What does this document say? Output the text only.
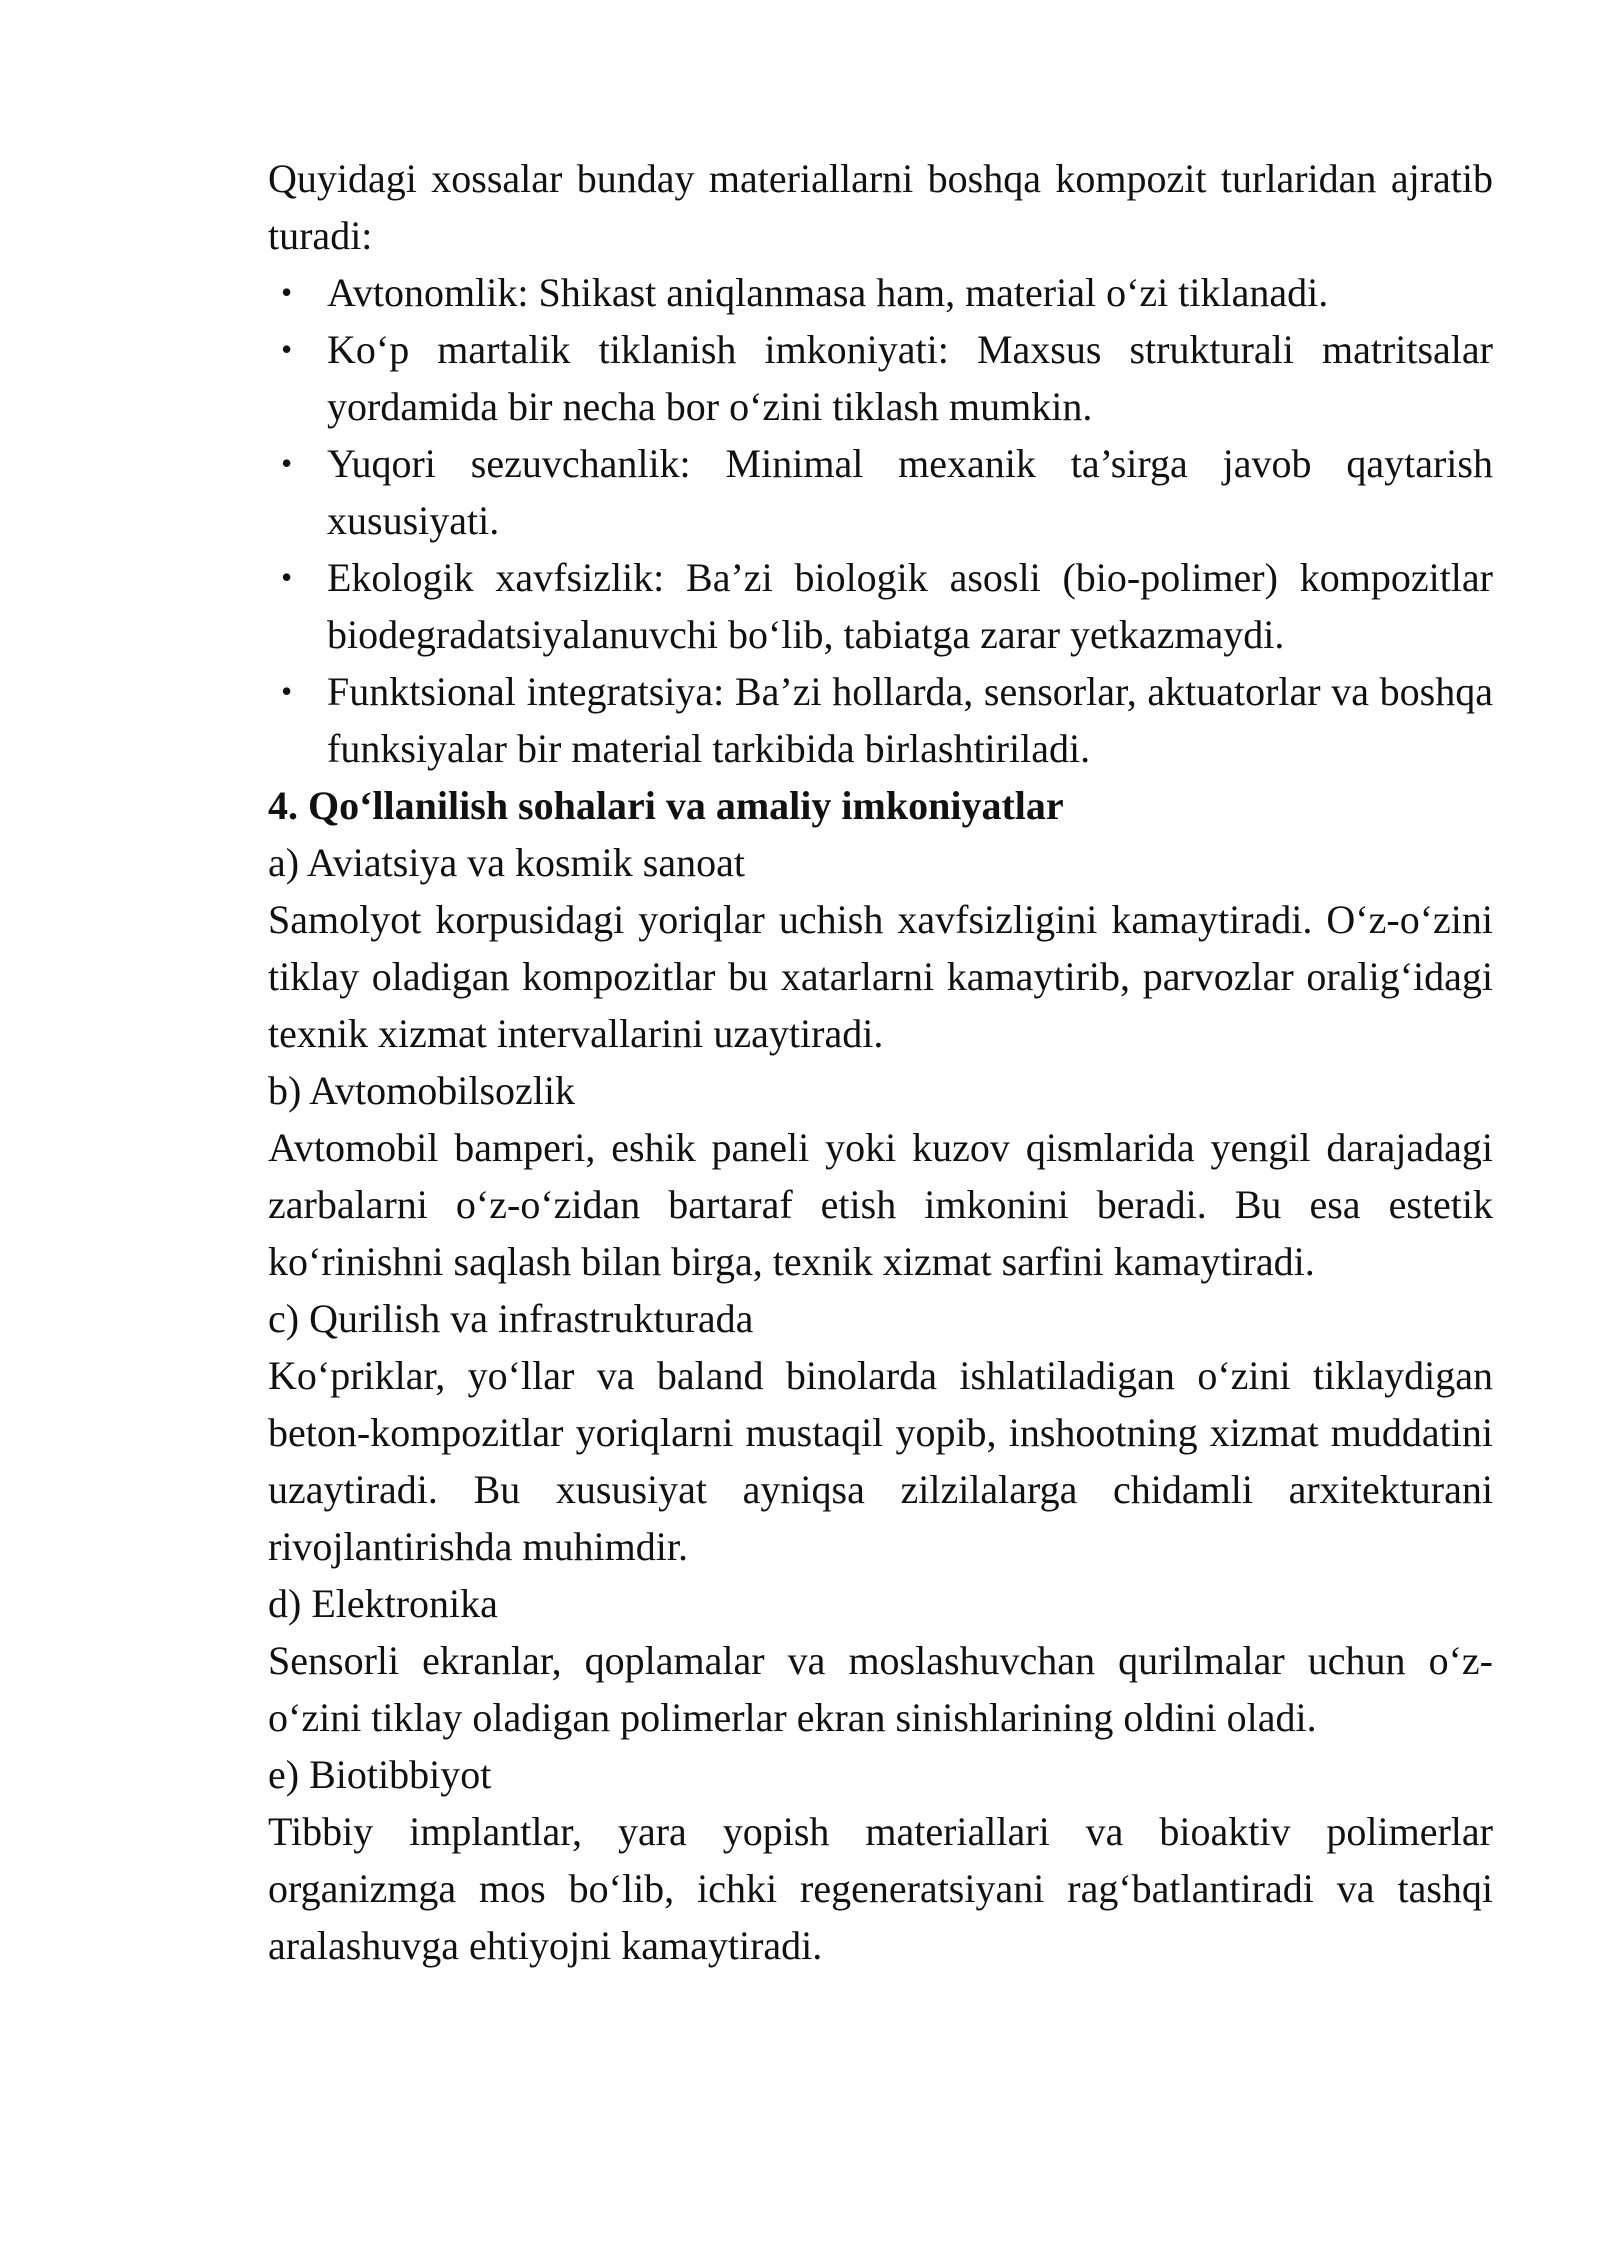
Quyidagi xossalar bunday materiallarni boshqa kompozit turlaridan ajratib turadi:

• Avtonomlik: Shikast aniqlanmasa ham, material o‘zi tiklanadi.
• Ko‘p martalik tiklanish imkoniyati: Maxsus strukturali matritsalar yordamida bir necha bor o‘zini tiklash mumkin.
• Yuqori sezuvchanlik: Minimal mexanik ta’sirga javob qaytarish xususiyati.
• Ekologik xavfsizlik: Ba’zi biologik asosli (bio-polimer) kompozitlar biodegradatsiyalanuvchi bo‘lib, tabiatga zarar yetkazmaydi.
• Funktsional integratsiya: Ba’zi hollarda, sensorlar, aktuatorlar va boshqa funksiyalar bir material tarkibida birlashtiriladi.

4. Qo‘llanilish sohalari va amaliy imkoniyatlar

a) Aviatsiya va kosmik sanoat

Samolyot korpusidagi yoriqlar uchish xavfsizligini kamaytiradi. O‘z-o‘zini tiklay oladigan kompozitlar bu xatarlarni kamaytirib, parvozlar oralig‘idagi texnik xizmat intervallarini uzaytiradi.

b) Avtomobilsozlik

Avtomobil bamperi, eshik paneli yoki kuzov qismlarida yengil darajadagi zarbalarni o‘z-o‘zidan bartaraf etish imkonini beradi. Bu esa estetik ko‘rinishni saqlash bilan birga, texnik xizmat sarfini kamaytiradi.

c) Qurilish va infrastrukturada

Ko‘priklar, yo‘llar va baland binolarda ishlatiladigan o‘zini tiklaydigan beton-kompozitlar yoriqlarni mustaqil yopib, inshootning xizmat muddatini uzaytiradi. Bu xususiyat ayniqsa zilzilalarga chidamli arxitekturani rivojlantirishda muhimdir.

d) Elektronika

Sensorli ekranlar, qoplamalar va moslashuvchan qurilmalar uchun o‘z-o‘zini tiklay oladigan polimerlar ekran sinishlarining oldini oladi.

e) Biotibbiyot

Tibbiy implantlar, yara yopish materiallari va bioaktiv polimerlar organizmga mos bo‘lib, ichki regeneratsiyani rag‘batlantiradi va tashqi aralashuvga ehtiyojni kamaytiradi.
